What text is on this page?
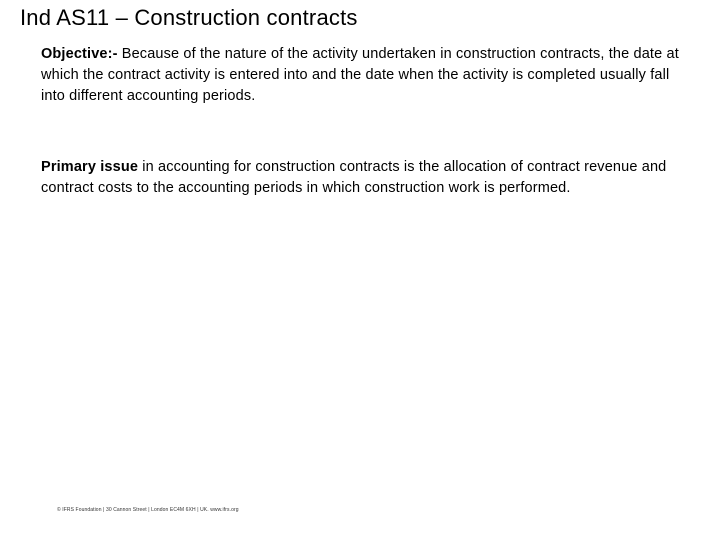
Ind AS11 – Construction contracts

Objective:- Because of the nature of the activity undertaken in construction contracts, the date at which the contract activity is entered into and the date when the activity is completed usually fall into different accounting periods.

Primary issue in accounting for construction contracts is the allocation of contract revenue and contract costs to the accounting periods in which construction work is performed.

© IFRS Foundation | 30 Cannon Street | London EC4M 6XH | UK. www.ifrs.org
